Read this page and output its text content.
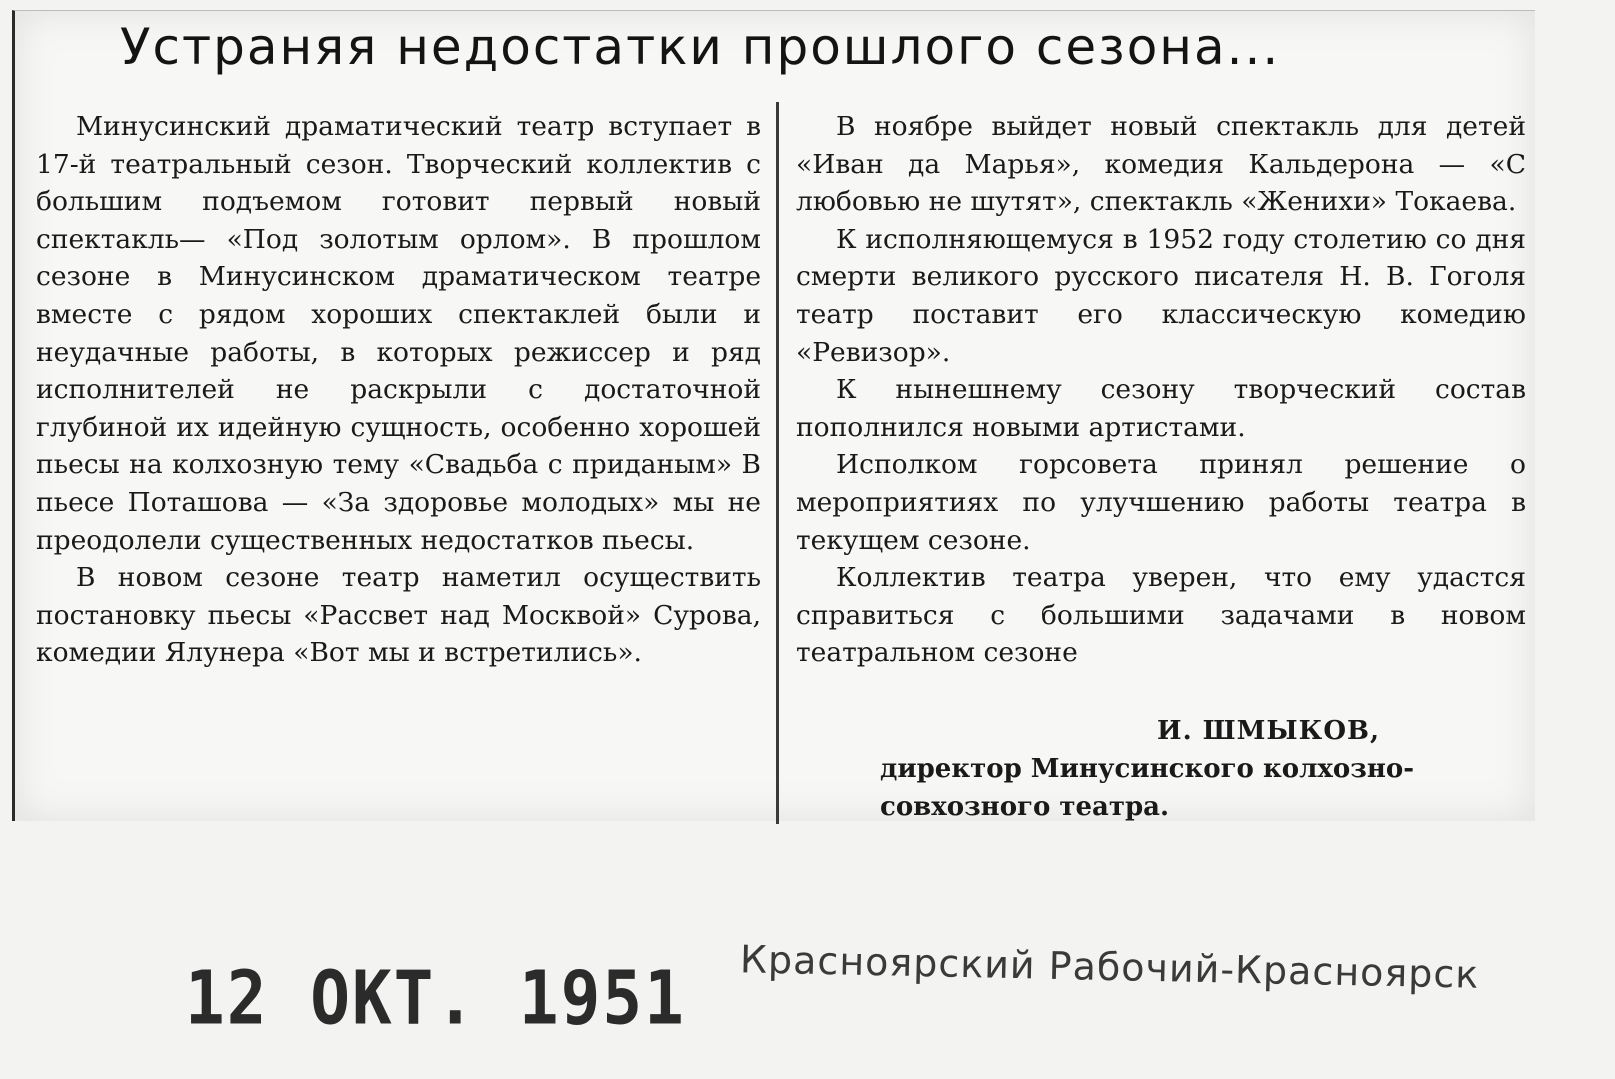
Устраняя недостатки прошлого сезона...

Минусинский драматический театр вступает в 17-й театральный сезон. Творческий коллектив с большим подъемом готовит первый новый спектакль— «Под золотым орлом». В прошлом сезоне в Минусинском драматическом театре вместе с рядом хороших спектаклей были и неудачные работы, в которых режиссер и ряд исполнителей не раскрыли с достаточной глубиной их идейную сущность, особенно хорошей пьесы на колхозную тему «Свадьба с приданым» В пьесе Поташова — «За здоровье молодых» мы не преодолели существенных недостатков пьесы.

В новом сезоне театр наметил осуществить постановку пьесы «Рассвет над Москвой» Сурова, комедии Ялунера «Вот мы и встретились».

В ноябре выйдет новый спектакль для детей «Иван да Марья», комедия Кальдерона — «С любовью не шутят», спектакль «Женихи» Токаева.

К исполняющемуся в 1952 году столетию со дня смерти великого русского писателя Н. В. Гоголя театр поставит его классическую комедию «Ревизор».

К нынешнему сезону творческий состав пополнился новыми артистами.

Исполком горсовета принял решение о мероприятиях по улучшению работы театра в текущем сезоне.

Коллектив театра уверен, что ему удастся справиться с большими задачами в новом театральном сезоне

И. ШМЫКОВ,
директор Минусинского колхозно-совхозного театра.
12 ОКТ. 1951 Красноярский Рабочий-Красноярск
